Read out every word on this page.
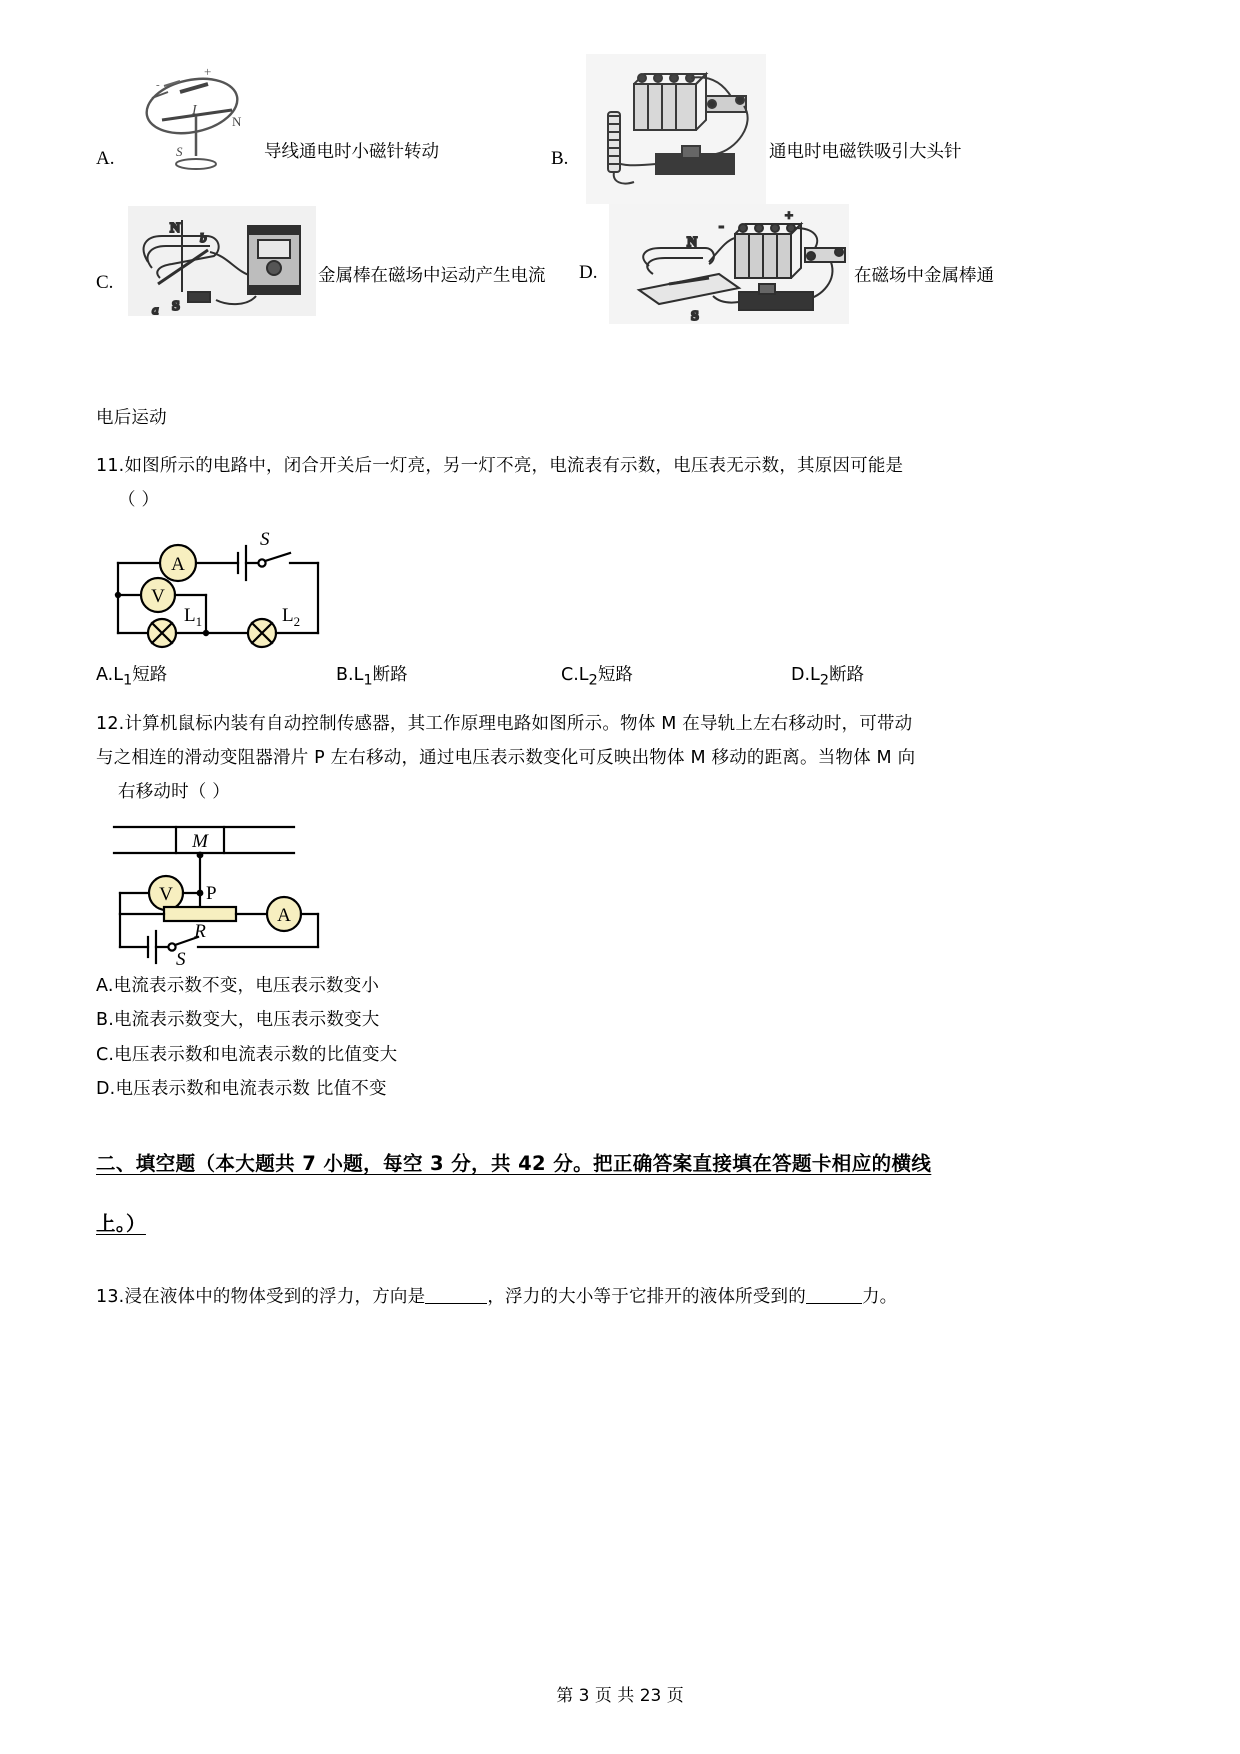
A.
-
+
I
N
S	导线通电时小磁针转动	B.	通电时电磁铁吸引大头针
C.
N
S
b
a
金属棒在磁场中运动产生电流 D.
N
S
-
+
在磁场中金属棒通
电后运动
11.如图所示的电路中，闭合开关后一灯亮，另一灯不亮，电流表有示数，电压表无示数，其原因可能是
（ ）
A
S
V
$L_1$	$L_2$
$A.L_1$短路	$B.L_1$断路	$C.L_2$短路	$D.L_2$断路
12.计算机鼠标内装有自动控制传感器，其工作原理电路如图所示。物体 M 在导轨上左右移动时，可带动
与之相连的滑动变阻器滑片 P 左右移动，通过电压表示数变化可反映出物体 M 移动的距离。当物体 M 向
右移动时（ ）
M
V P
R
A
S
A.电流表示数不变，电压表示数变小
B.电流表示数变大，电压表示数变大
C.电压表示数和电流表示数的比值变大
D.电压表示数和电流表示数 比值不变
二、填空题（本大题共 7 小题，每空 3 分，共 42 分。把正确答案直接填在答题卡相应的横线
上。）
13.浸在液体中的物体受到的浮力，方向是	，浮力的大小等于它排开的液体所受到的	力。
第 3 页 共 23 页
